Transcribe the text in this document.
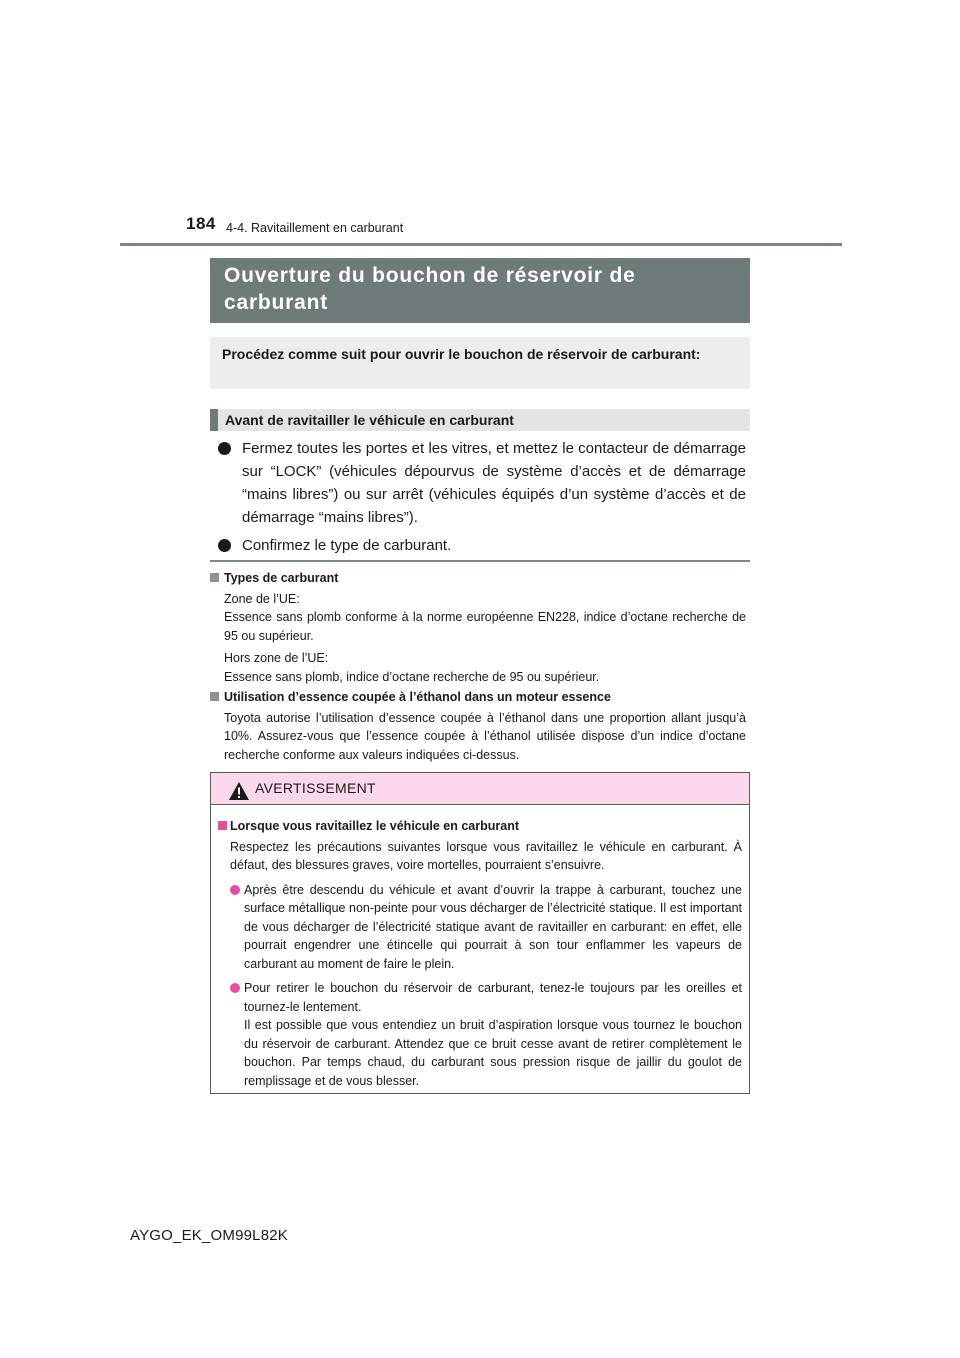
184 4-4. Ravitaillement en carburant
Ouverture du bouchon de réservoir de
carburant
Procédez comme suit pour ouvrir le bouchon de réservoir de carburant:
Avant de ravitailler le véhicule en carburant
Fermez toutes les portes et les vitres, et mettez le contacteur de démarrage sur “LOCK” (véhicules dépourvus de système d’accès et de démarrage “mains libres”) ou sur arrêt (véhicules équipés d’un système d’accès et de démarrage “mains libres”).
Confirmez le type de carburant.
Types de carburant
Zone de l’UE:
Essence sans plomb conforme à la norme européenne EN228, indice d’octane recherche de 95 ou supérieur.
Hors zone de l’UE:
Essence sans plomb, indice d’octane recherche de 95 ou supérieur.
Utilisation d’essence coupée à l’éthanol dans un moteur essence
Toyota autorise l’utilisation d’essence coupée à l’éthanol dans une proportion allant jusqu’à 10%. Assurez-vous que l’essence coupée à l’éthanol utilisée dispose d’un indice d’octane recherche conforme aux valeurs indiquées ci-dessus.
AVERTISSEMENT
Lorsque vous ravitaillez le véhicule en carburant
Respectez les précautions suivantes lorsque vous ravitaillez le véhicule en carburant. À défaut, des blessures graves, voire mortelles, pourraient s’ensuivre.
Après être descendu du véhicule et avant d’ouvrir la trappe à carburant, touchez une surface métallique non-peinte pour vous décharger de l’électricité statique. Il est important de vous décharger de l’électricité statique avant de ravitailler en carburant: en effet, elle pourrait engendrer une étincelle qui pourrait à son tour enflammer les vapeurs de carburant au moment de faire le plein.
Pour retirer le bouchon du réservoir de carburant, tenez-le toujours par les oreilles et tournez-le lentement.
Il est possible que vous entendiez un bruit d’aspiration lorsque vous tournez le bouchon du réservoir de carburant. Attendez que ce bruit cesse avant de retirer complètement le bouchon. Par temps chaud, du carburant sous pression risque de jaillir du goulot de remplissage et de vous blesser.
AYGO_EK_OM99L82K
